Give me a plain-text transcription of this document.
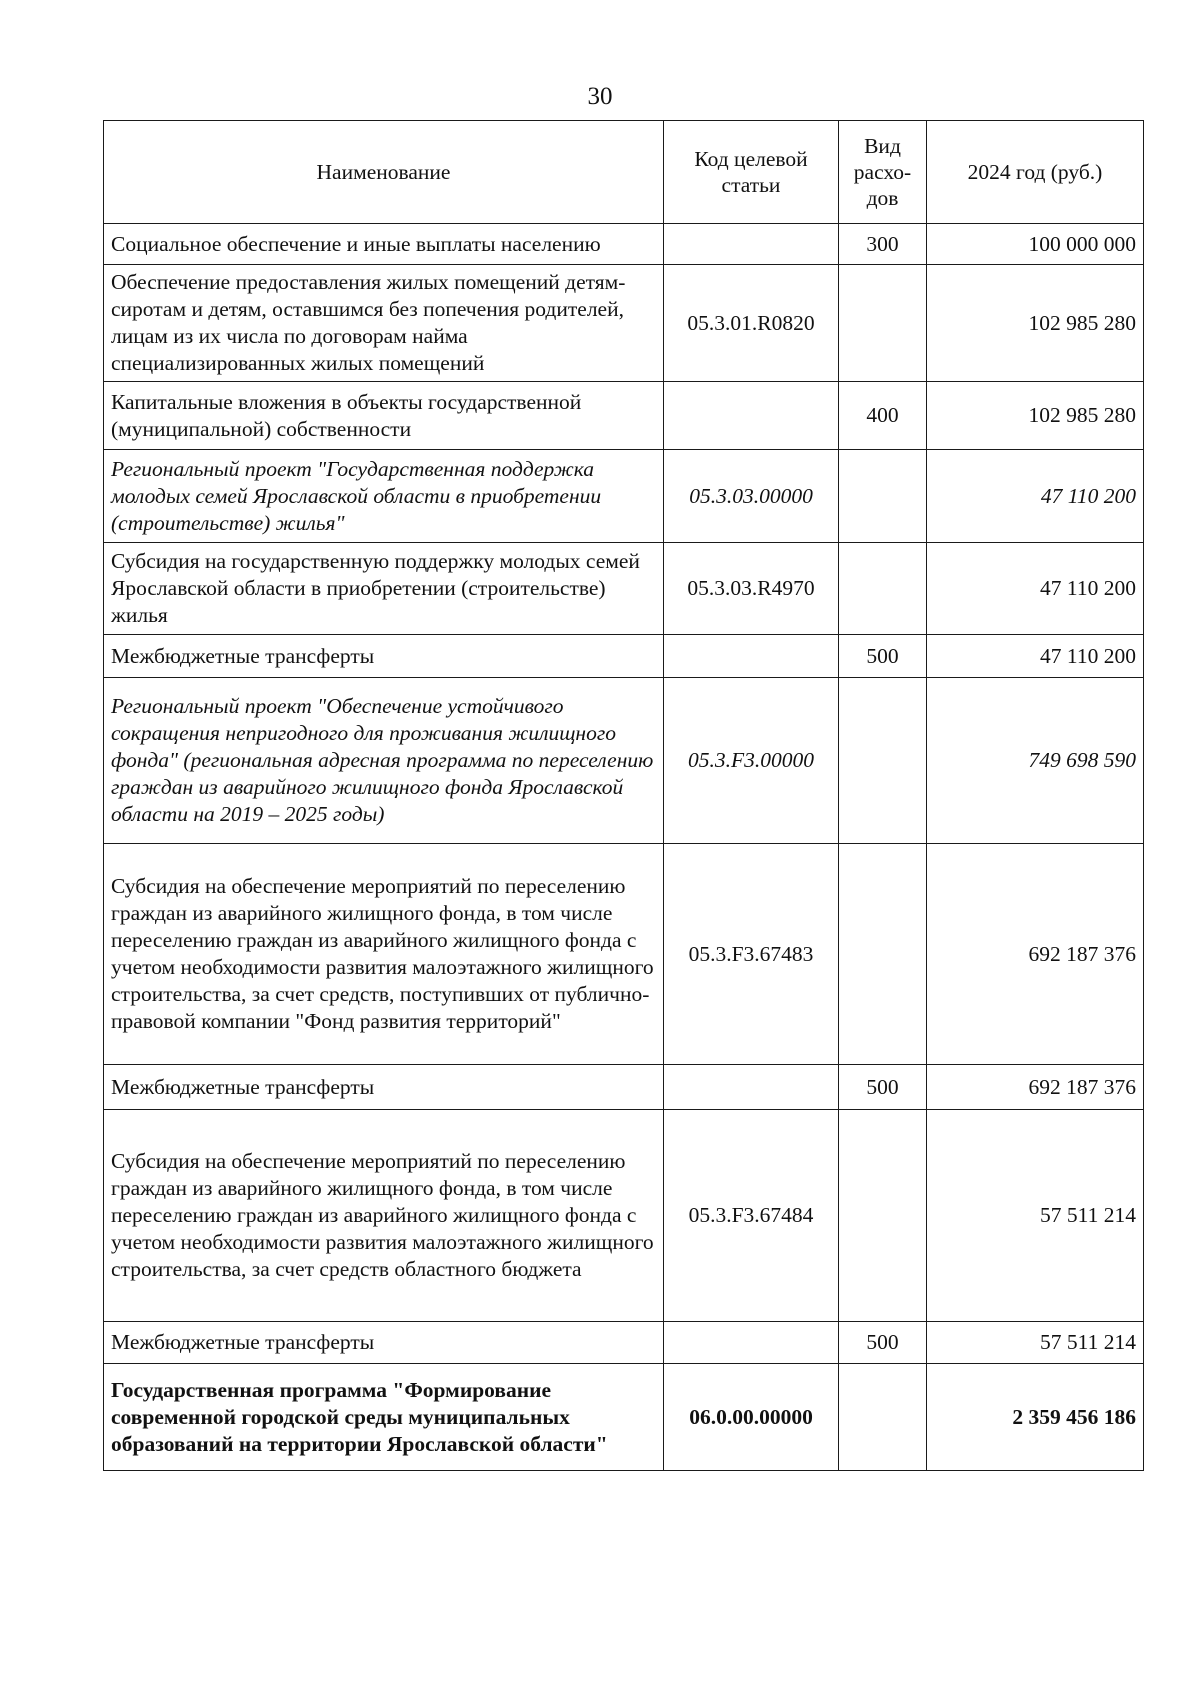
30
Наименование	Код целевой статьи	Вид расхо-дов	2024 год (руб.)
Социальное обеспечение и иные выплаты населению		300	100 000 000
Обеспечение предоставления жилых помещений детям-сиротам и детям, оставшимся без попечения родителей, лицам из их числа по договорам найма специализированных жилых помещений	05.3.01.R0820		102 985 280
Капитальные вложения в объекты государственной (муниципальной) собственности		400	102 985 280
Региональный проект "Государственная поддержка молодых семей Ярославской области в приобретении (строительстве) жилья"	05.3.03.00000		47 110 200
Субсидия на государственную поддержку молодых семей Ярославской области в приобретении (строительстве) жилья	05.3.03.R4970		47 110 200
Межбюджетные трансферты		500	47 110 200
Региональный проект "Обеспечение устойчивого сокращения непригодного для проживания жилищного фонда" (региональная адресная программа по переселению граждан из аварийного жилищного фонда Ярославской области на 2019 – 2025 годы)	05.3.F3.00000		749 698 590
Субсидия на обеспечение мероприятий по переселению граждан из аварийного жилищного фонда, в том числе переселению граждан из аварийного жилищного фонда с учетом необходимости развития малоэтажного жилищного строительства, за счет средств, поступивших от публично-правовой компании "Фонд развития территорий"	05.3.F3.67483		692 187 376
Межбюджетные трансферты		500	692 187 376
Субсидия на обеспечение мероприятий по переселению граждан из аварийного жилищного фонда, в том числе переселению граждан из аварийного жилищного фонда с учетом необходимости развития малоэтажного жилищного строительства, за счет средств областного бюджета	05.3.F3.67484		57 511 214
Межбюджетные трансферты		500	57 511 214
Государственная программа "Формирование современной городской среды муниципальных образований на территории Ярославской области"	06.0.00.00000		2 359 456 186
